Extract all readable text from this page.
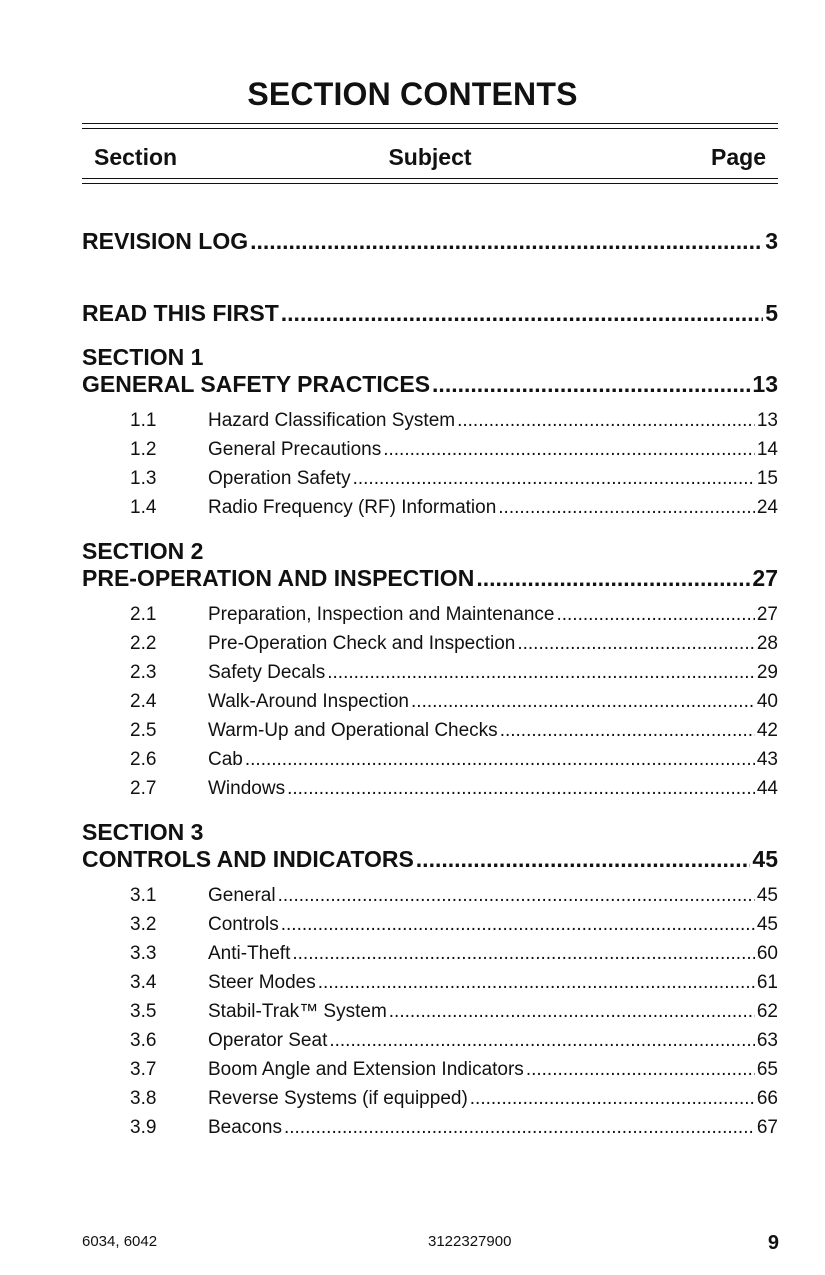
SECTION CONTENTS
Section	Subject	Page
REVISION LOG .....	3
READ THIS FIRST .....	5
SECTION 1
GENERAL SAFETY PRACTICES .....	13
1.1	Hazard Classification System .....	13
1.2	General Precautions .....	14
1.3	Operation Safety .....	15
1.4	Radio Frequency (RF) Information .....	24
SECTION 2
PRE-OPERATION AND INSPECTION .....	27
2.1	Preparation, Inspection and Maintenance .....	27
2.2	Pre-Operation Check and Inspection .....	28
2.3	Safety Decals .....	29
2.4	Walk-Around Inspection .....	40
2.5	Warm-Up and Operational Checks .....	42
2.6	Cab .....	43
2.7	Windows .....	44
SECTION 3
CONTROLS AND INDICATORS .....	45
3.1	General .....	45
3.2	Controls .....	45
3.3	Anti-Theft .....	60
3.4	Steer Modes .....	61
3.5	Stabil-Trak™ System .....	62
3.6	Operator Seat .....	63
3.7	Boom Angle and Extension Indicators .....	65
3.8	Reverse Systems (if equipped) .....	66
3.9	Beacons .....	67
6034, 6042	3122327900	9
